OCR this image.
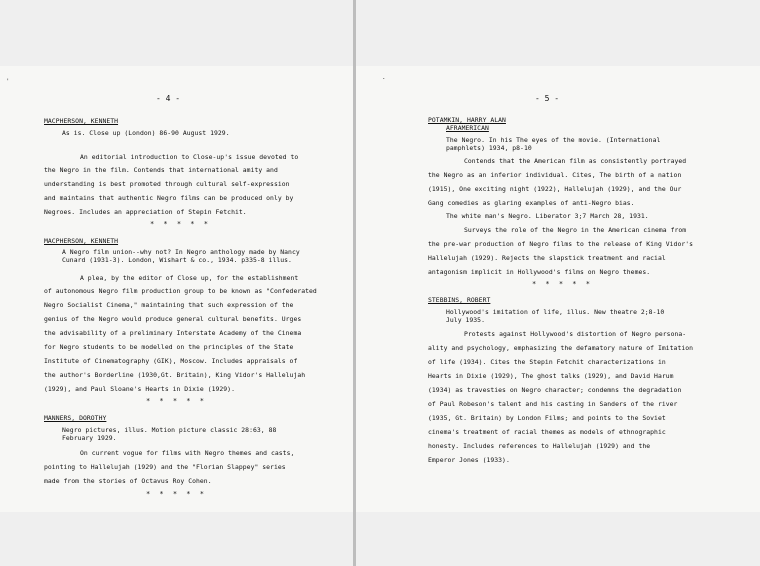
'
.
- 4 -
MACPHERSON, KENNETH
As is. Close up (London) 86-90 August 1929.
An editorial introduction to Close-up's issue devoted to
the Negro in the film. Contends that international amity and
understanding is best promoted through cultural self-expression
and maintains that authentic Negro films can be produced only by
Negroes. Includes an appreciation of Stepin Fetchit.
* * * * *
MACPHERSON, KENNETH
A Negro film union--why not? In Negro anthology made by Nancy
Cunard (1931-3). London, Wishart & co., 1934. p335-8 illus.
A plea, by the editor of Close up, for the establishment
of autonomous Negro film production group to be known as "Confederated
Negro Socialist Cinema," maintaining that such expression of the
genius of the Negro would produce general cultural benefits. Urges
the advisability of a preliminary Interstate Academy of the Cinema
for Negro students to be modelled on the principles of the State
Institute of Cinematography (GIK), Moscow. Includes appraisals of
the author's Borderline (1930,Gt. Britain), King Vidor's Hallelujah
(1929), and Paul Sloane's Hearts in Dixie (1929).
* * * * *
MANNERS, DOROTHY
Negro pictures, illus. Motion picture classic 28:63, 88
February 1929.
On current vogue for films with Negro themes and casts,
pointing to Hallelujah (1929) and the "Florian Slappey" series
made from the stories of Octavus Roy Cohen.
* * * * *
- 5 -
POTAMKIN, HARRY ALAN
AFRAMERICAN
The Negro. In his The eyes of the movie. (International
pamphlets) 1934, p8-10
Contends that the American film as consistently portrayed
the Negro as an inferior individual. Cites, The birth of a nation
(1915), One exciting night (1922), Hallelujah (1929), and the Our
Gang comedies as glaring examples of anti-Negro bias.
The white man's Negro. Liberator 3;7 March 28, 1931.
Surveys the role of the Negro in the American cinema from
the pre-war production of Negro films to the release of King Vidor's
Hallelujah (1929). Rejects the slapstick treatment and racial
antagonism implicit in Hollywood's films on Negro themes.
* * * * *
STEBBINS, ROBERT
Hollywood's imitation of life, illus. New theatre 2;8-10
July 1935.
Protests against Hollywood's distortion of Negro persona-
ality and psychology, emphasizing the defamatory nature of Imitation
of life (1934). Cites the Stepin Fetchit characterizations in
Hearts in Dixie (1929), The ghost talks (1929), and David Harum
(1934) as travesties on Negro character; condemns the degradation
of Paul Robeson's talent and his casting in Sanders of the river
(1935, Gt. Britain) by London Films; and points to the Soviet
cinema's treatment of racial themes as models of ethnographic
honesty. Includes references to Hallelujah (1929) and the
Emperor Jones (1933).
